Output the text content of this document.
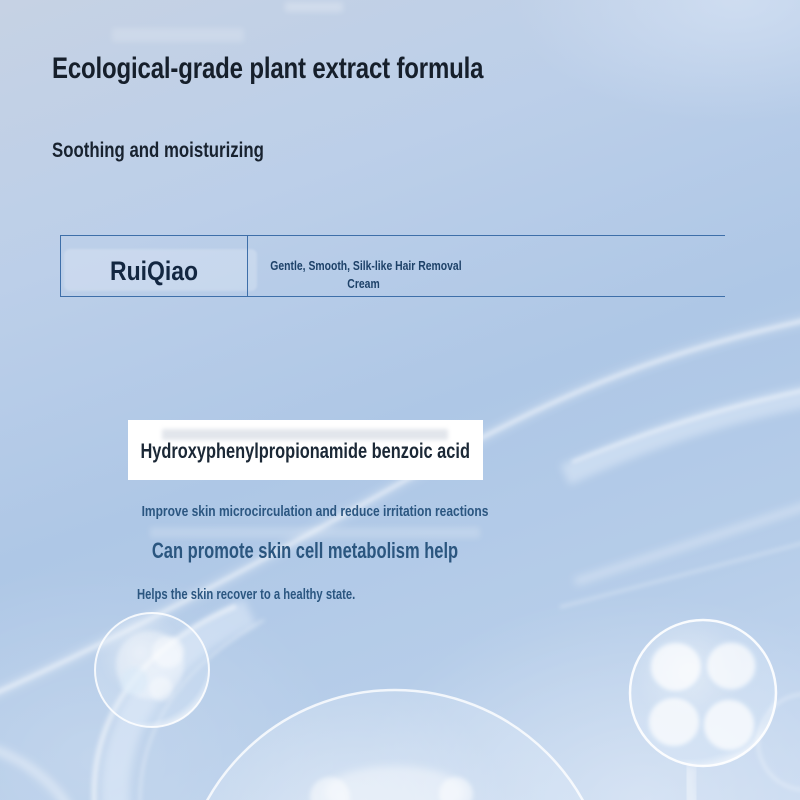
Ecological-grade plant extract formula
Soothing and moisturizing
RuiQiao	Gentle, Smooth, Silk-like Hair Removal
Cream
Hydroxyphenylpropionamide benzoic acid
Improve skin microcirculation and reduce irritation reactions
Can promote skin cell metabolism help
Helps the skin recover to a healthy state.
